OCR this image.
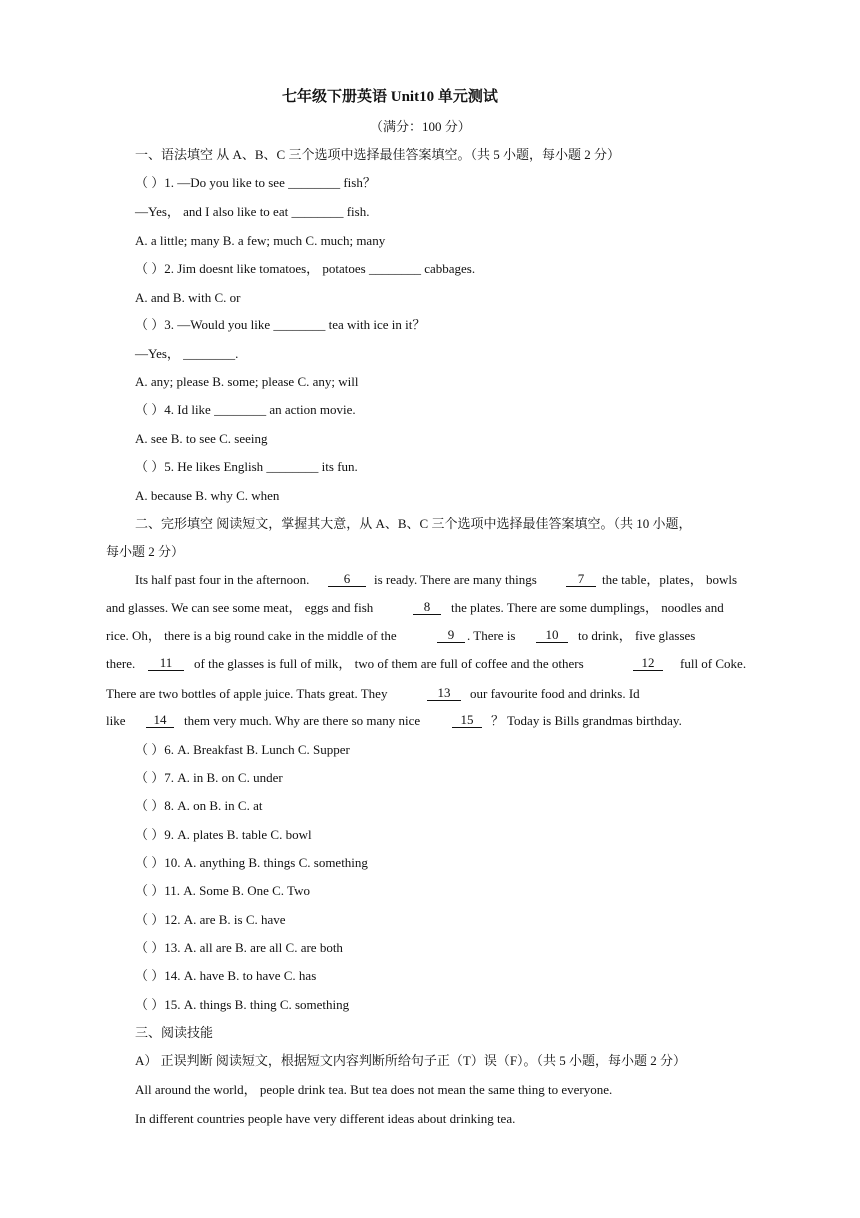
七年级下册英语 Unit10 单元测试
（满分：100 分）
一、语法填空 从 A、B、C 三个选项中选择最佳答案填空。（共 5 小题，每小题 2 分）
（ ）1. —Do you like to see ________ fish？
—Yes， and I also like to eat ________ fish.
A. a little; many B. a few; much C. much; many
（ ）2. Jim doesnt like tomatoes， potatoes ________ cabbages.
A. and B. with C. or
（ ）3. —Would you like ________ tea with ice in it？
—Yes， ________.
A. any; please B. some; please C. any; will
（ ）4. Id like ________ an action movie.
A. see B. to see C. seeing
（ ）5. He likes English ________ its fun.
A. because B. why C. when
二、完形填空 阅读短文，掌握其大意，从 A、B、C 三个选项中选择最佳答案填空。（共 10 小题，
每小题 2 分）
Its half past four in the afternoon.	6	is ready. There are many things	7	the table，plates， bowls
and glasses. We can see some meat， eggs and fish	8	the plates. There are some dumplings， noodles and
rice. Oh， there is a big round cake in the middle of the	9 . There is	10	to drink， five glasses
there.	11	of the glasses is full of milk， two of them are full of coffee and the others	12	full of Coke.
There are two bottles of apple juice. Thats great. They	13	our favourite food and drinks. Id
like	14	them very much. Why are there so many nice	15	？ Today is Bills grandmas birthday.
（ ）6. A. Breakfast B. Lunch C. Supper
（ ）7. A. in B. on C. under
（ ）8. A. on B. in C. at
（ ）9. A. plates B. table C. bowl
（ ）10. A. anything B. things C. something
（ ）11. A. Some B. One C. Two
（ ）12. A. are B. is C. have
（ ）13. A. all are B. are all C. are both
（ ）14. A. have B. to have C. has
（ ）15. A. things B. thing C. something
三、阅读技能
A） 正误判断 阅读短文，根据短文内容判断所给句子正（T）误（F）。（共 5 小题，每小题 2 分）
All around the world， people drink tea. But tea does not mean the same thing to everyone.
In different countries people have very different ideas about drinking tea.
